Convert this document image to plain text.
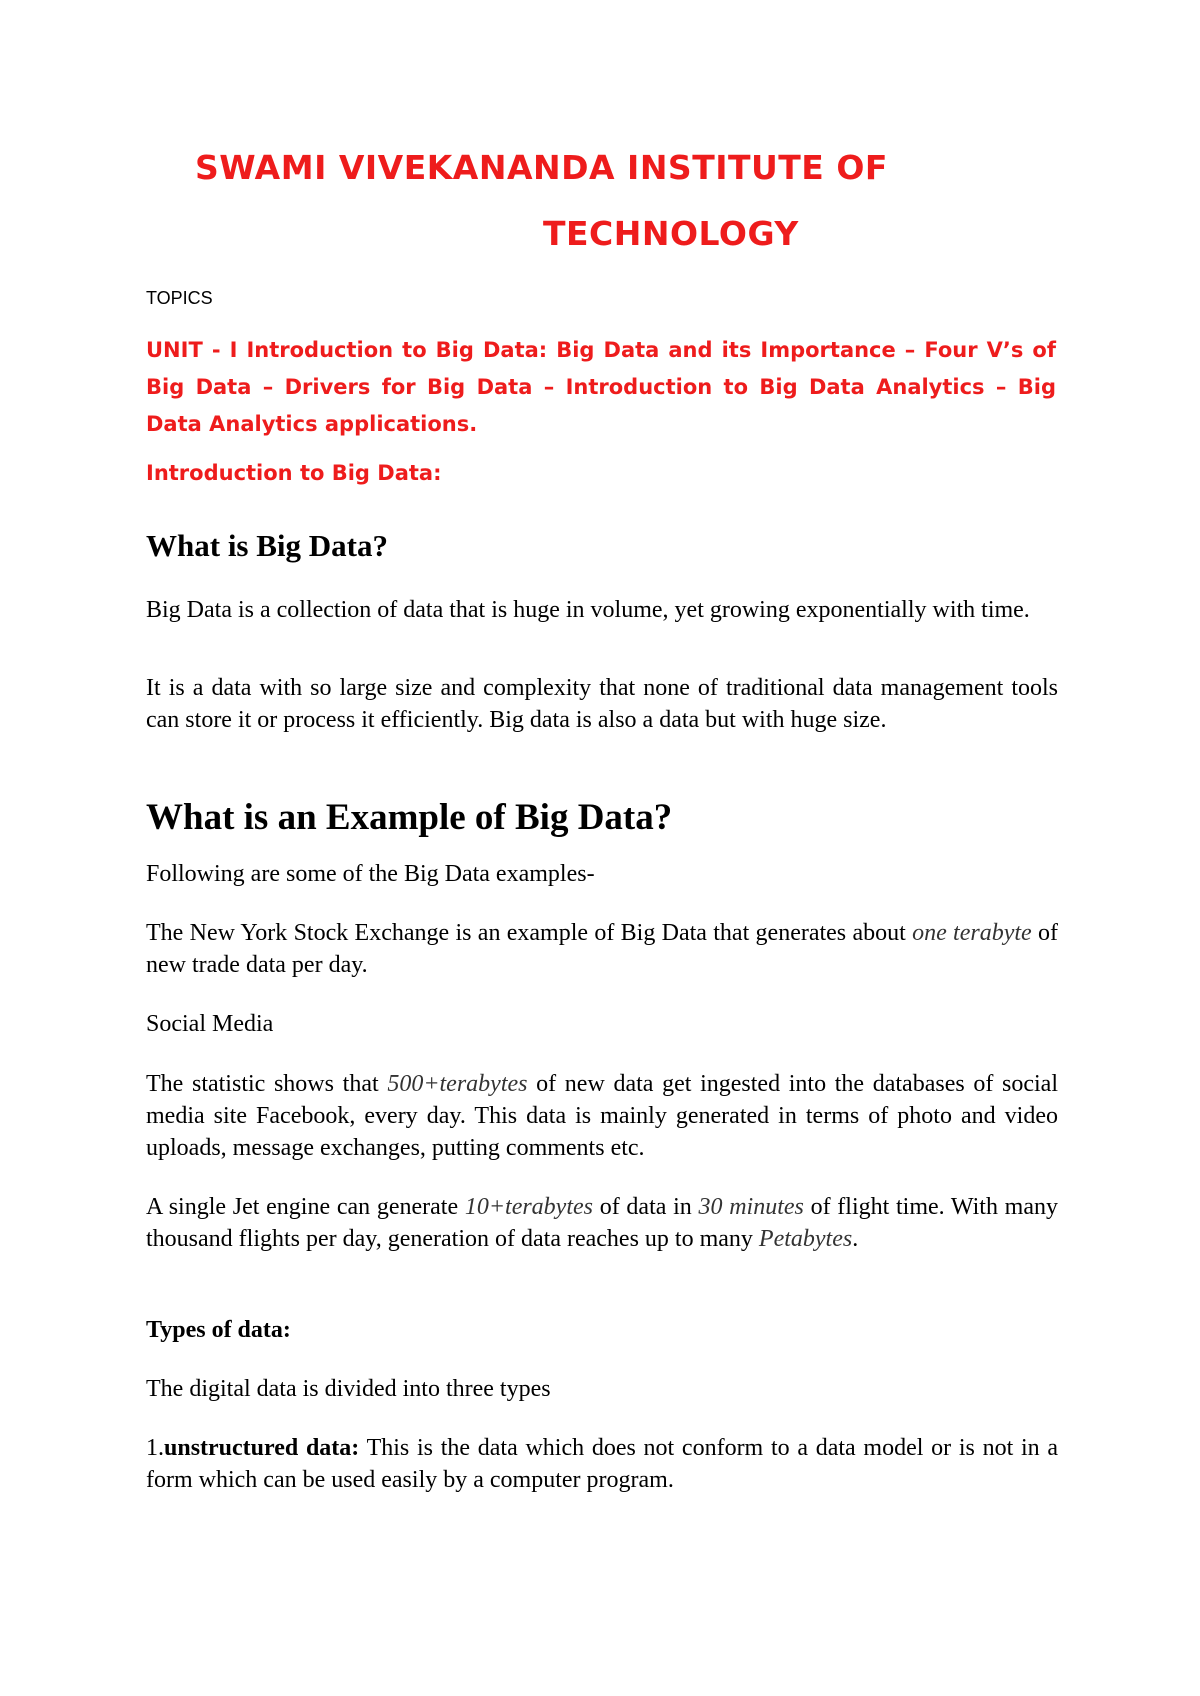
SWAMI VIVEKANANDA INSTITUTE OF
TECHNOLOGY
TOPICS
UNIT - I Introduction to Big Data: Big Data and its Importance – Four V’s of Big Data – Drivers for Big Data – Introduction to Big Data Analytics – Big Data Analytics applications.
Introduction to Big Data:
What is Big Data?
Big Data is a collection of data that is huge in volume, yet growing exponentially with time.
It is a data with so large size and complexity that none of traditional data management tools can store it or process it efficiently. Big data is also a data but with huge size.
What is an Example of Big Data?
Following are some of the Big Data examples-
The New York Stock Exchange is an example of Big Data that generates about one terabyte of new trade data per day.
Social Media
The statistic shows that 500+terabytes of new data get ingested into the databases of social media site Facebook, every day. This data is mainly generated in terms of photo and video uploads, message exchanges, putting comments etc.
A single Jet engine can generate 10+terabytes of data in 30 minutes of flight time. With many thousand flights per day, generation of data reaches up to many Petabytes.
Types of data:
The digital data is divided into three types
1.unstructured data: This is the data which does not conform to a data model or is not in a form which can be used easily by a computer program.
